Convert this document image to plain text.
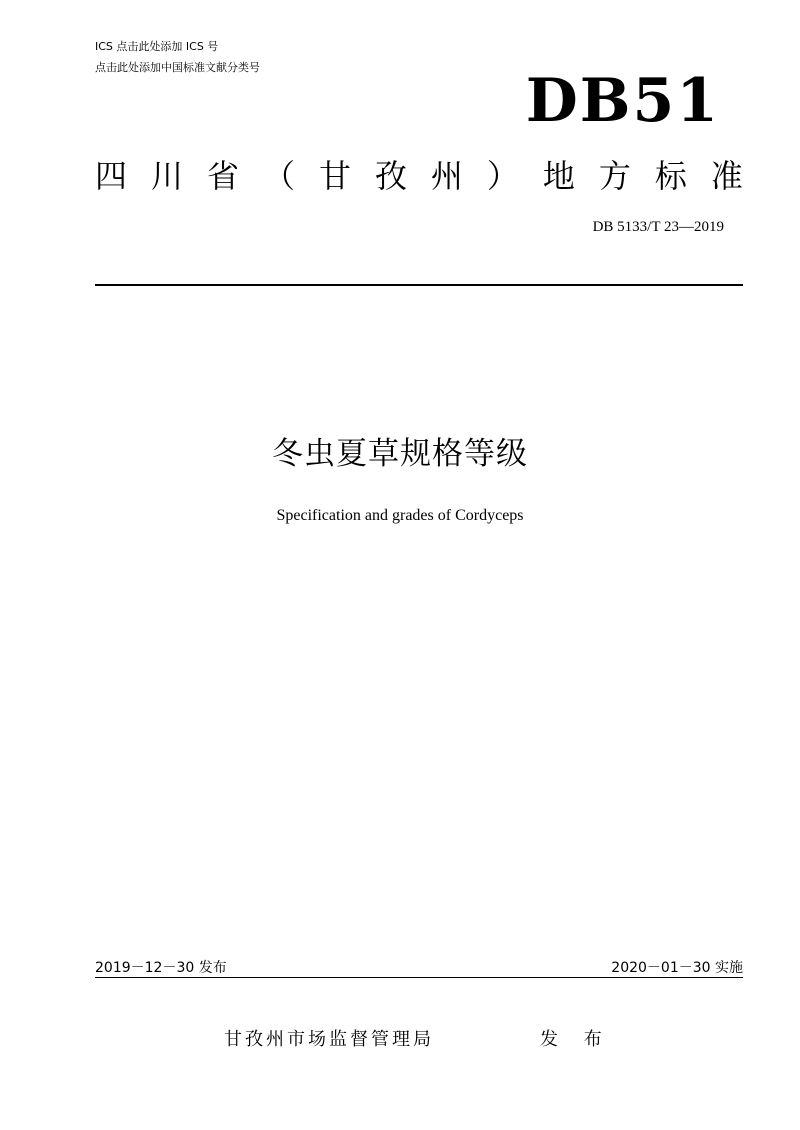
ICS 点击此处添加 ICS 号
点击此处添加中国标准文献分类号	DB51
四 川 省 （ 甘 孜 州 ） 地 方 标 准
DB 5133/T 23—2019
冬虫夏草规格等级
Specification and grades of Cordyceps
2019－12－30 发布	2020－01－30 实施
甘孜州市场监督管理局	发 布
